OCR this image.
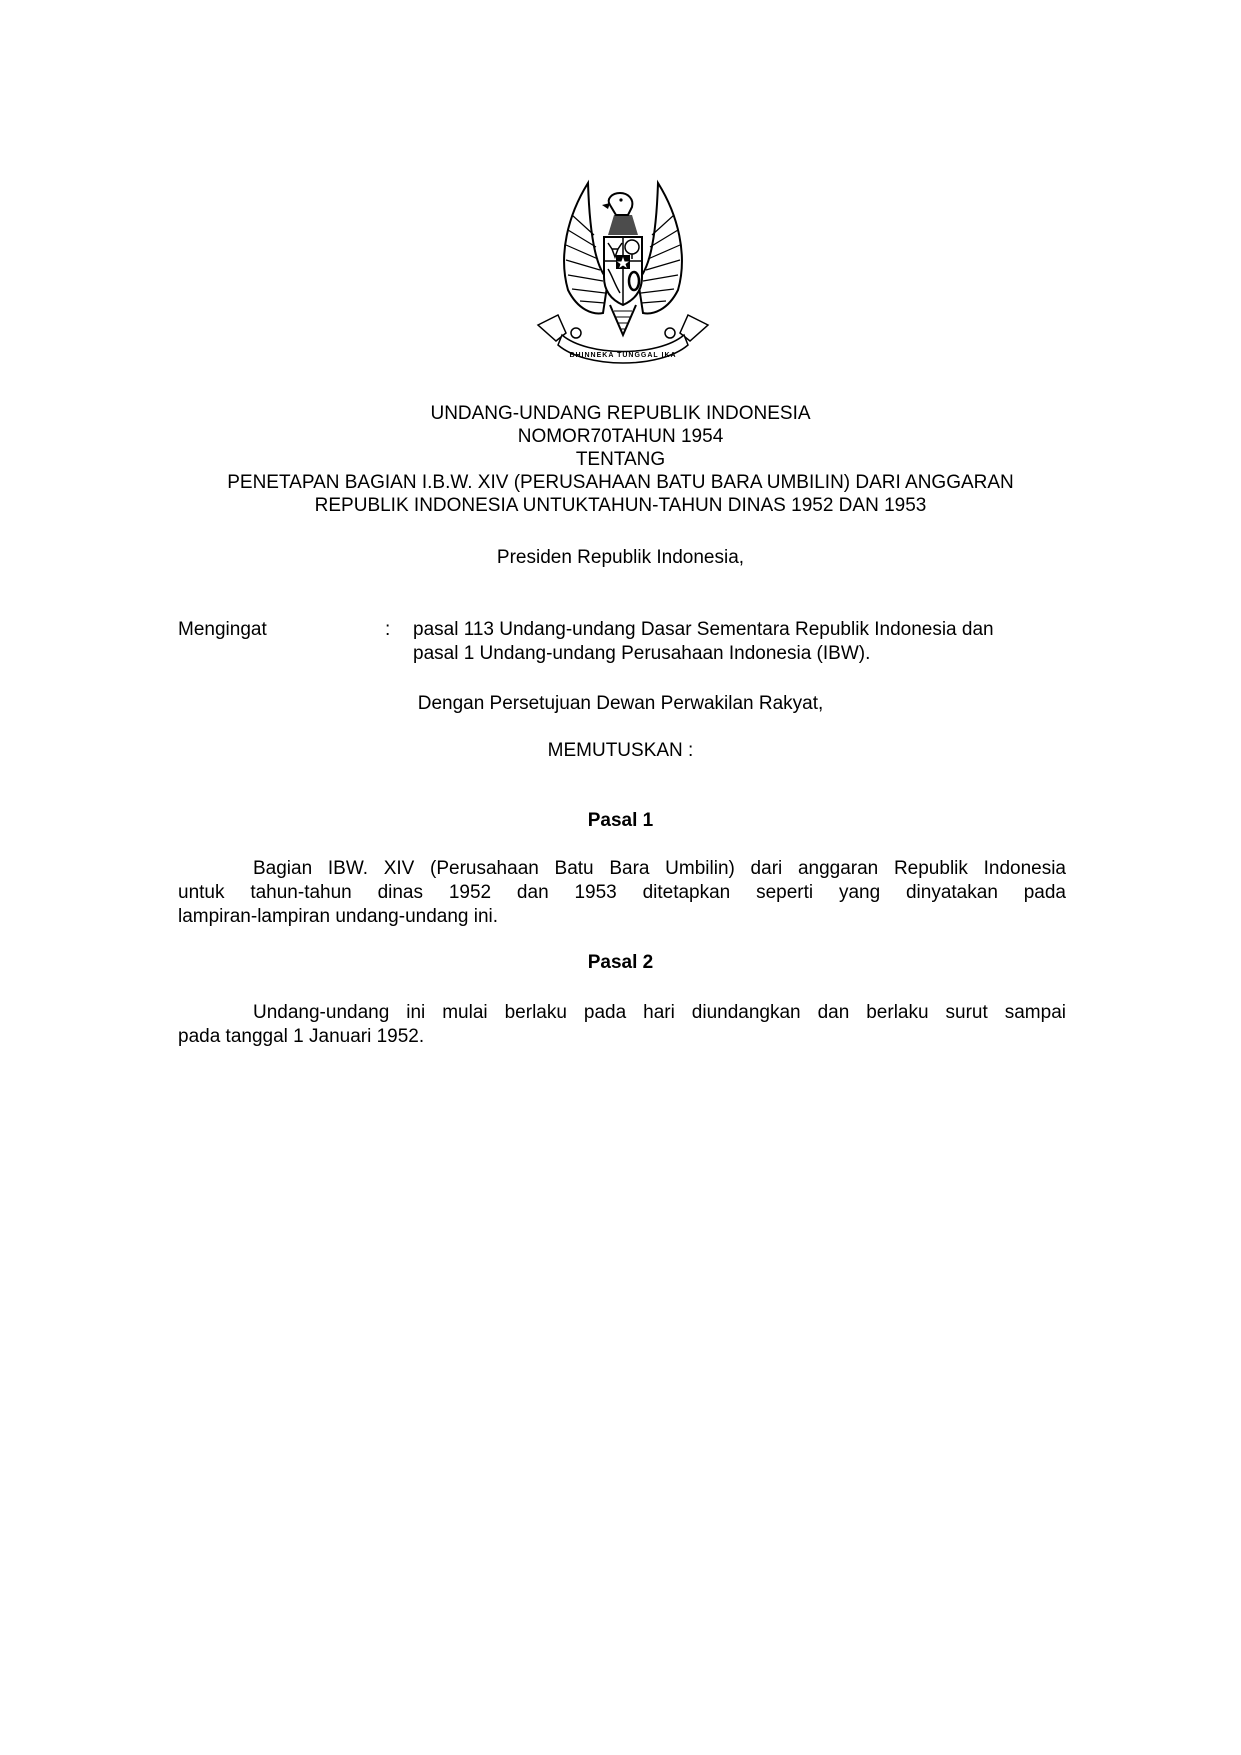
BHINNEKA TUNGGAL IKA
UNDANG-UNDANG REPUBLIK INDONESIA
NOMOR70TAHUN 1954
TENTANG
PENETAPAN BAGIAN I.B.W. XIV (PERUSAHAAN BATU BARA UMBILIN) DARI ANGGARAN
REPUBLIK INDONESIA UNTUKTAHUN-TAHUN DINAS 1952 DAN 1953
Presiden Republik Indonesia,
Mengingat	: pasal 113 Undang-undang Dasar Sementara Republik Indonesia dan
pasal 1 Undang-undang Perusahaan Indonesia (IBW).
Dengan Persetujuan Dewan Perwakilan Rakyat,
MEMUTUSKAN :
Pasal 1
Bagian IBW. XIV (Perusahaan Batu Bara Umbilin) dari anggaran Republik Indonesia
untuk tahun-tahun dinas 1952 dan 1953 ditetapkan seperti yang dinyatakan pada
lampiran-lampiran undang-undang ini.
Pasal 2
Undang-undang ini mulai berlaku pada hari diundangkan dan berlaku surut sampai
pada tanggal 1 Januari 1952.
